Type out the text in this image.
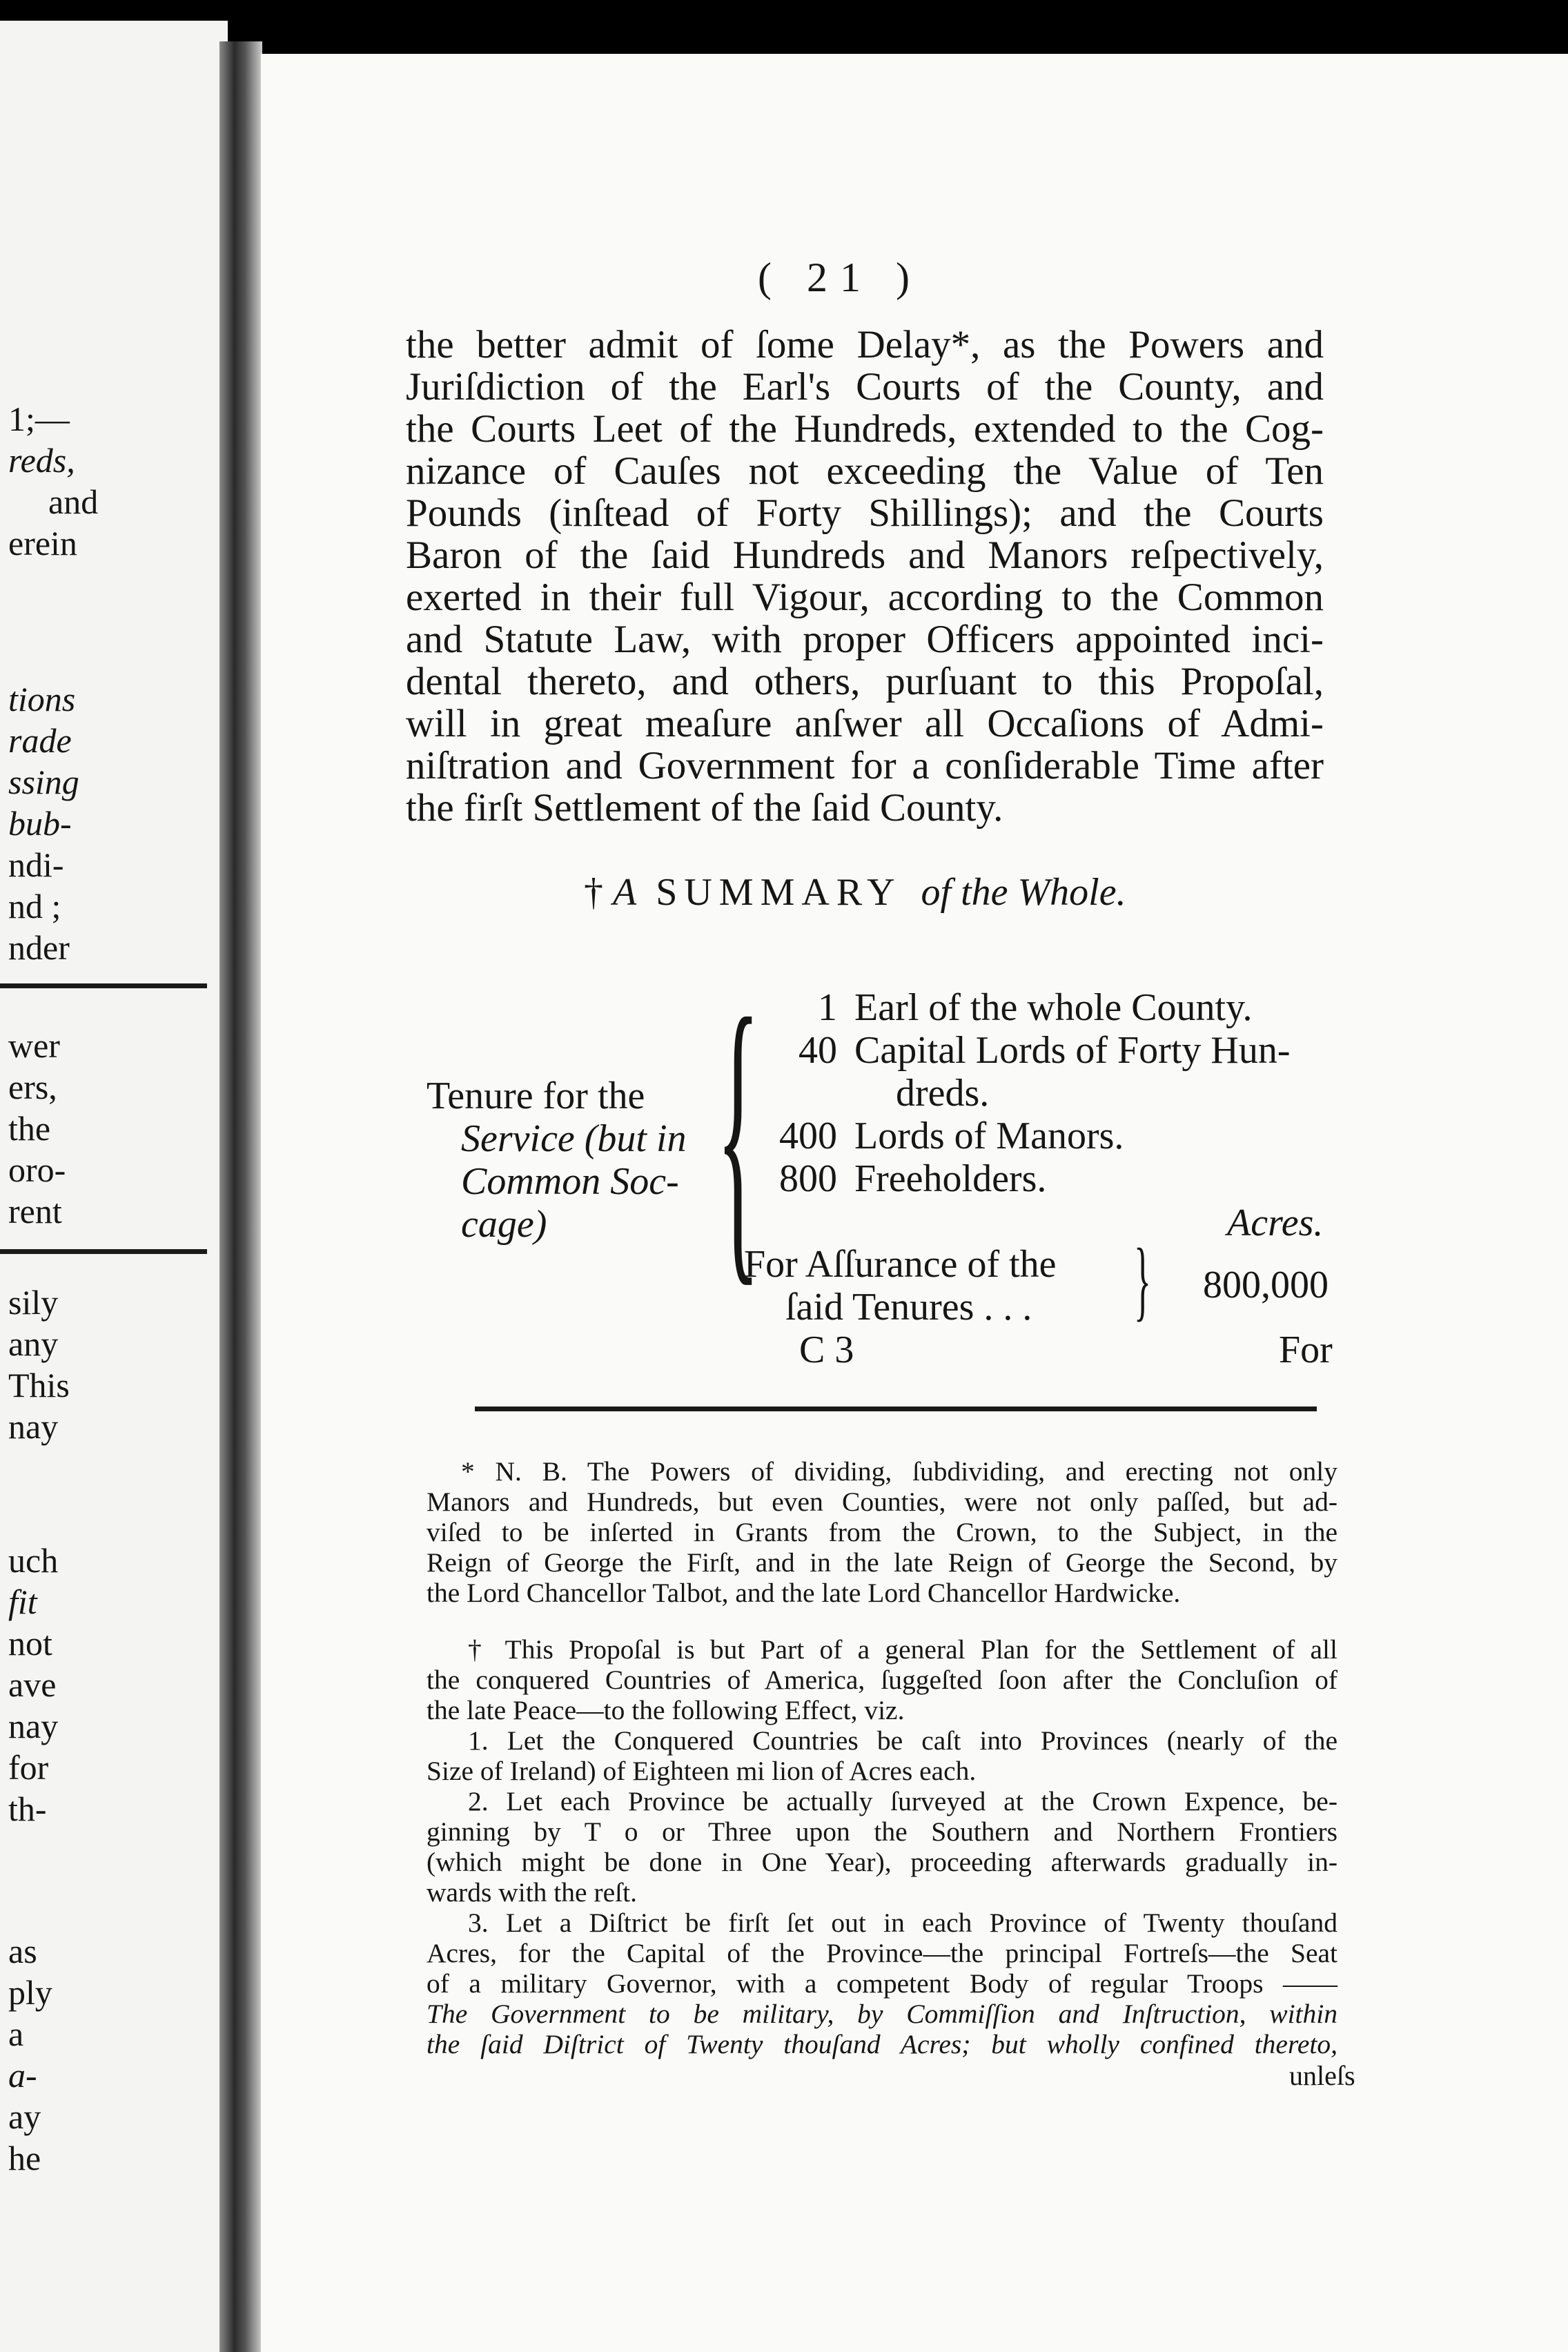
1;—
reds,
and
erein
tions
rade
ssing
bub-
ndi-
nd ;
nder
wer
ers,
the
oro-
rent
sily
any
This
nay
uch
fit
not
ave
nay
for
th-
as
ply
a
a-
ay
he
( 21 )
the better admit of ſome Delay*, as the Powers and
Juriſdiction of the Earl's Courts of the County, and
the Courts Leet of the Hundreds, extended to the Cog-
nizance of Cauſes not exceeding the Value of Ten
Pounds (inſtead of Forty Shillings); and the Courts
Baron of the ſaid Hundreds and Manors reſpectively,
exerted in their full Vigour, according to the Common
and Statute Law, with proper Officers appointed inci-
dental thereto, and others, purſuant to this Propoſal,
will in great meaſure anſwer all Occaſions of Admi-
niſtration and Government for a conſiderable Time after
the firſt Settlement of the ſaid County.
† A SUMMARY of the Whole.
Tenure for the
Service (but in
Common Soc-
cage) {	1 Earl of the whole County.
40 Capital Lords of Forty Hun-
dreds.
400 Lords of Manors.
800 Freeholders.
Acres.
For Aſſurance of the
ſaid Tenures . . . } 800,000
C 3	For
* N. B. The Powers of dividing, ſubdividing, and erecting not only
Manors and Hundreds, but even Counties, were not only paſſed, but ad-
viſed to be inſerted in Grants from the Crown, to the Subject, in the
Reign of George the Firſt, and in the late Reign of George the Second, by
the Lord Chancellor Talbot, and the late Lord Chancellor Hardwicke.
† This Propoſal is but Part of a general Plan for the Settlement of all
the conquered Countries of America, ſuggeſted ſoon after the Concluſion of
the late Peace—to the following Effect, viz.
1. Let the Conquered Countries be caſt into Provinces (nearly of the
Size of Ireland) of Eighteen mi lion of Acres each.
2. Let each Province be actually ſurveyed at the Crown Expence, be-
ginning by T o or Three upon the Southern and Northern Frontiers
(which might be done in One Year), proceeding afterwards gradually in-
wards with the reſt.
3. Let a Diſtrict be firſt ſet out in each Province of Twenty thouſand
Acres, for the Capital of the Province—the principal Fortreſs—the Seat
of a military Governor, with a competent Body of regular Troops ——
The Government to be military, by Commiſſion and Inſtruction, within
the ſaid Diſtrict of Twenty thouſand Acres; but wholly confined thereto,
unleſs
